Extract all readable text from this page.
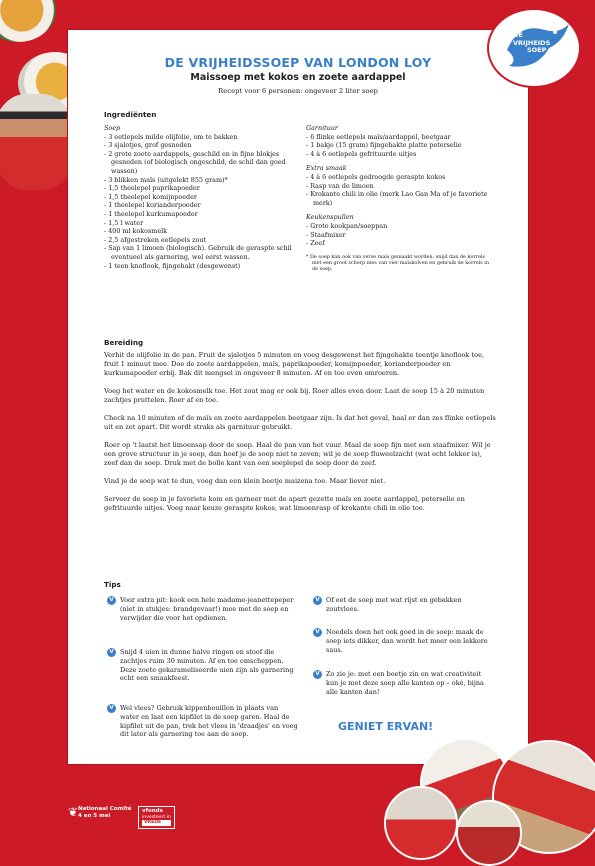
DE
VRIJHEIDS
SOEP
DE VRIJHEIDSSOEP VAN LONDON LOY
Maissoep met kokos en zoete aardappel
Recept voor 6 personen: ongeveer 2 liter soep
Ingrediënten
Soep
- 3 eetlepels milde olijfolie, om te bakken
- 3 sjalotjes, grof gesneden
- 2 grote zoete aardappels, geschild en in fijne blokjes gesneden (of biologisch ongeschild, de schil dan goed wassen)
- 3 blikken maïs (uitgelekt 855 gram)*
- 1,5 theelepel paprikapoeder
- 1,5 theelepel komijnpoeder
- 1 theelepel korianderpoeder
- 1 theelepel kurkumapoeder
- 1,5 l water
- 400 ml kokosmelk
- 2,5 afgestreken eetlepels zout
- Sap van 1 limoen (biologisch). Gebruik de geraspte schil eventueel als garnering, wel eerst wassen.
- 1 teen knoflook, fijngehakt (desgewenst)
Garnituur
- 6 flinke eetlepels maïs/aardappel, beetgaar
- 1 bakje (15 gram) fijngehakte platte peterselie
- 4 à 6 eetlepels gefrituurde uitjes
Extra smaak
- 4 à 6 eetlepels gedroogde geraspte kokos
- Rasp van de limoen
- Krokante chili in olie (merk Lao Gan Ma of je favoriete merk)
Keukenspullen
- Grote kookpan/soeppan
- Staafmixer
- Zeef
* De soep kan ook van verse maïs gemaakt worden: snijd dan de korrels met een groot scherp mes van vier maïskolven en gebruik de korrels in de soep.
Bereiding

Verhit de olijfolie in de pan. Fruit de sjalotjes 5 minuten en voeg desgewenst het fijngehakte teentje knoflook toe, fruit 1 minuut mee. Doe de zoete aardappelen, maïs, paprikapoeder, komijnpoeder, korianderpoeder en kurkumapoeder erbij. Bak dit mengsel in ongeveer 8 minuten. Af en toe even omroeren.

Voeg het water en de kokosmelk toe. Het zout mag er ook bij. Roer alles even door. Laat de soep 15 à 20 minuten zachtjes pruttelen. Roer af en toe.

Check na 10 minuten of de maïs en zoete aardappelen beetgaar zijn. Is dat het geval, haal er dan zes flinke eetlepels uit en zet apart. Dit wordt straks als garnituur gebruikt.

Roer op 't laatst het limoensap door de soep. Haal de pan van het vuur. Maal de soep fijn met een staafmixer. Wil je een grove structuur in je soep, dan hoef je de soep niet te zeven; wil je de soep fluweelzacht (wat echt lekker is), zeef dan de soep. Druk met de bolle kant van een soeplepel de soep door de zeef.

Vind je de soep wat te dun, voeg dan een klein beetje maizena toe. Maar liever niet.

Serveer de soep in je favoriete kom en garneer met de apart gezette maïs en zoete aardappel, peterselie en gefrituurde uitjes. Voeg naar keuze geraspte kokos, wat limoenrasp of krokante chili in olie toe.

Tips
GENIET ERVAN!
❦ Nationaal Comité
4 en 5 mei
vfonds
investeert in
VREDE
V Voor extra pit: kook een hele madame-jeanettepeper (niet in stukjes: brandgevaar!) mee met de soep en verwijder die voor het opdienen.
V Snijd 4 uien in dunne halve ringen en stoof die zachtjes ruim 30 minuten. Af en toe omscheppen. Deze zoete gekarameliseerde uien zijn als garnering echt een smaakfeest.
V Wel vlees? Gebruik kippenbouillon in plaats van water en laat een kipfilet in de soep garen. Haal de kipfilet uit de pan, trek het vlees in 'draadjes' en voeg dit later als garnering toe aan de soep.
V Of eet de soep met wat rijst en gebakken zoutvlees.
V Noedels doen het ook goed in de soep: maak de soep iets dikker, dan wordt het meer een lekkere saus.
V Zo zie je: met een beetje zin en wat creativiteit kun je met deze soep alle kanten op – oké, bijna alle kanten dan!
